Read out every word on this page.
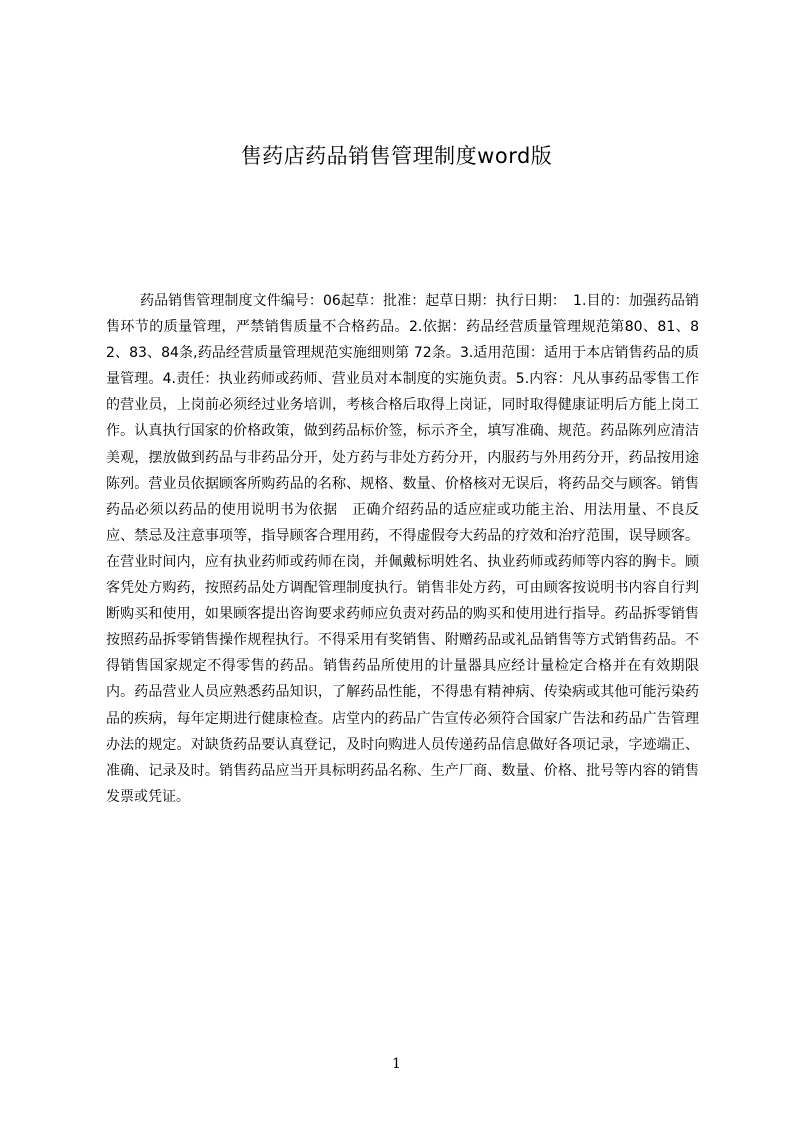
售药店药品销售管理制度word版

药品销售管理制度文件编号：06起草：批准：起草日期：执行日期：　1.目的：加强药品销售环节的质量管理，严禁销售质量不合格药品。2.依据：药品经营质量管理规范第80、81、82、83、84条,药品经营质量管理规范实施细则第 72条。3.适用范围：适用于本店销售药品的质量管理。4.责任：执业药师或药师、营业员对本制度的实施负责。5.内容：凡从事药品零售工作的营业员，上岗前必须经过业务培训，考核合格后取得上岗证，同时取得健康证明后方能上岗工作。认真执行国家的价格政策，做到药品标价签，标示齐全，填写准确、规范。药品陈列应清洁美观，摆放做到药品与非药品分开，处方药与非处方药分开，内服药与外用药分开，药品按用途陈列。营业员依据顾客所购药品的名称、规格、数量、价格核对无误后，将药品交与顾客。销售药品必须以药品的使用说明书为依据　正确介绍药品的适应症或功能主治、用法用量、不良反应、禁忌及注意事项等，指导顾客合理用药，不得虚假夸大药品的疗效和治疗范围，误导顾客。在营业时间内，应有执业药师或药师在岗，并佩戴标明姓名、执业药师或药师等内容的胸卡。顾客凭处方购药，按照药品处方调配管理制度执行。销售非处方药，可由顾客按说明书内容自行判断购买和使用，如果顾客提出咨询要求药师应负责对药品的购买和使用进行指导。药品拆零销售按照药品拆零销售操作规程执行。不得采用有奖销售、附赠药品或礼品销售等方式销售药品。不得销售国家规定不得零售的药品。销售药品所使用的计量器具应经计量检定合格并在有效期限内。药品营业人员应熟悉药品知识，了解药品性能，不得患有精神病、传染病或其他可能污染药品的疾病，每年定期进行健康检查。店堂内的药品广告宣传必须符合国家广告法和药品广告管理办法的规定。对缺货药品要认真登记，及时向购进人员传递药品信息做好各项记录，字迹端正、准确、记录及时。销售药品应当开具标明药品名称、生产厂商、数量、价格、批号等内容的销售发票或凭证。

1
